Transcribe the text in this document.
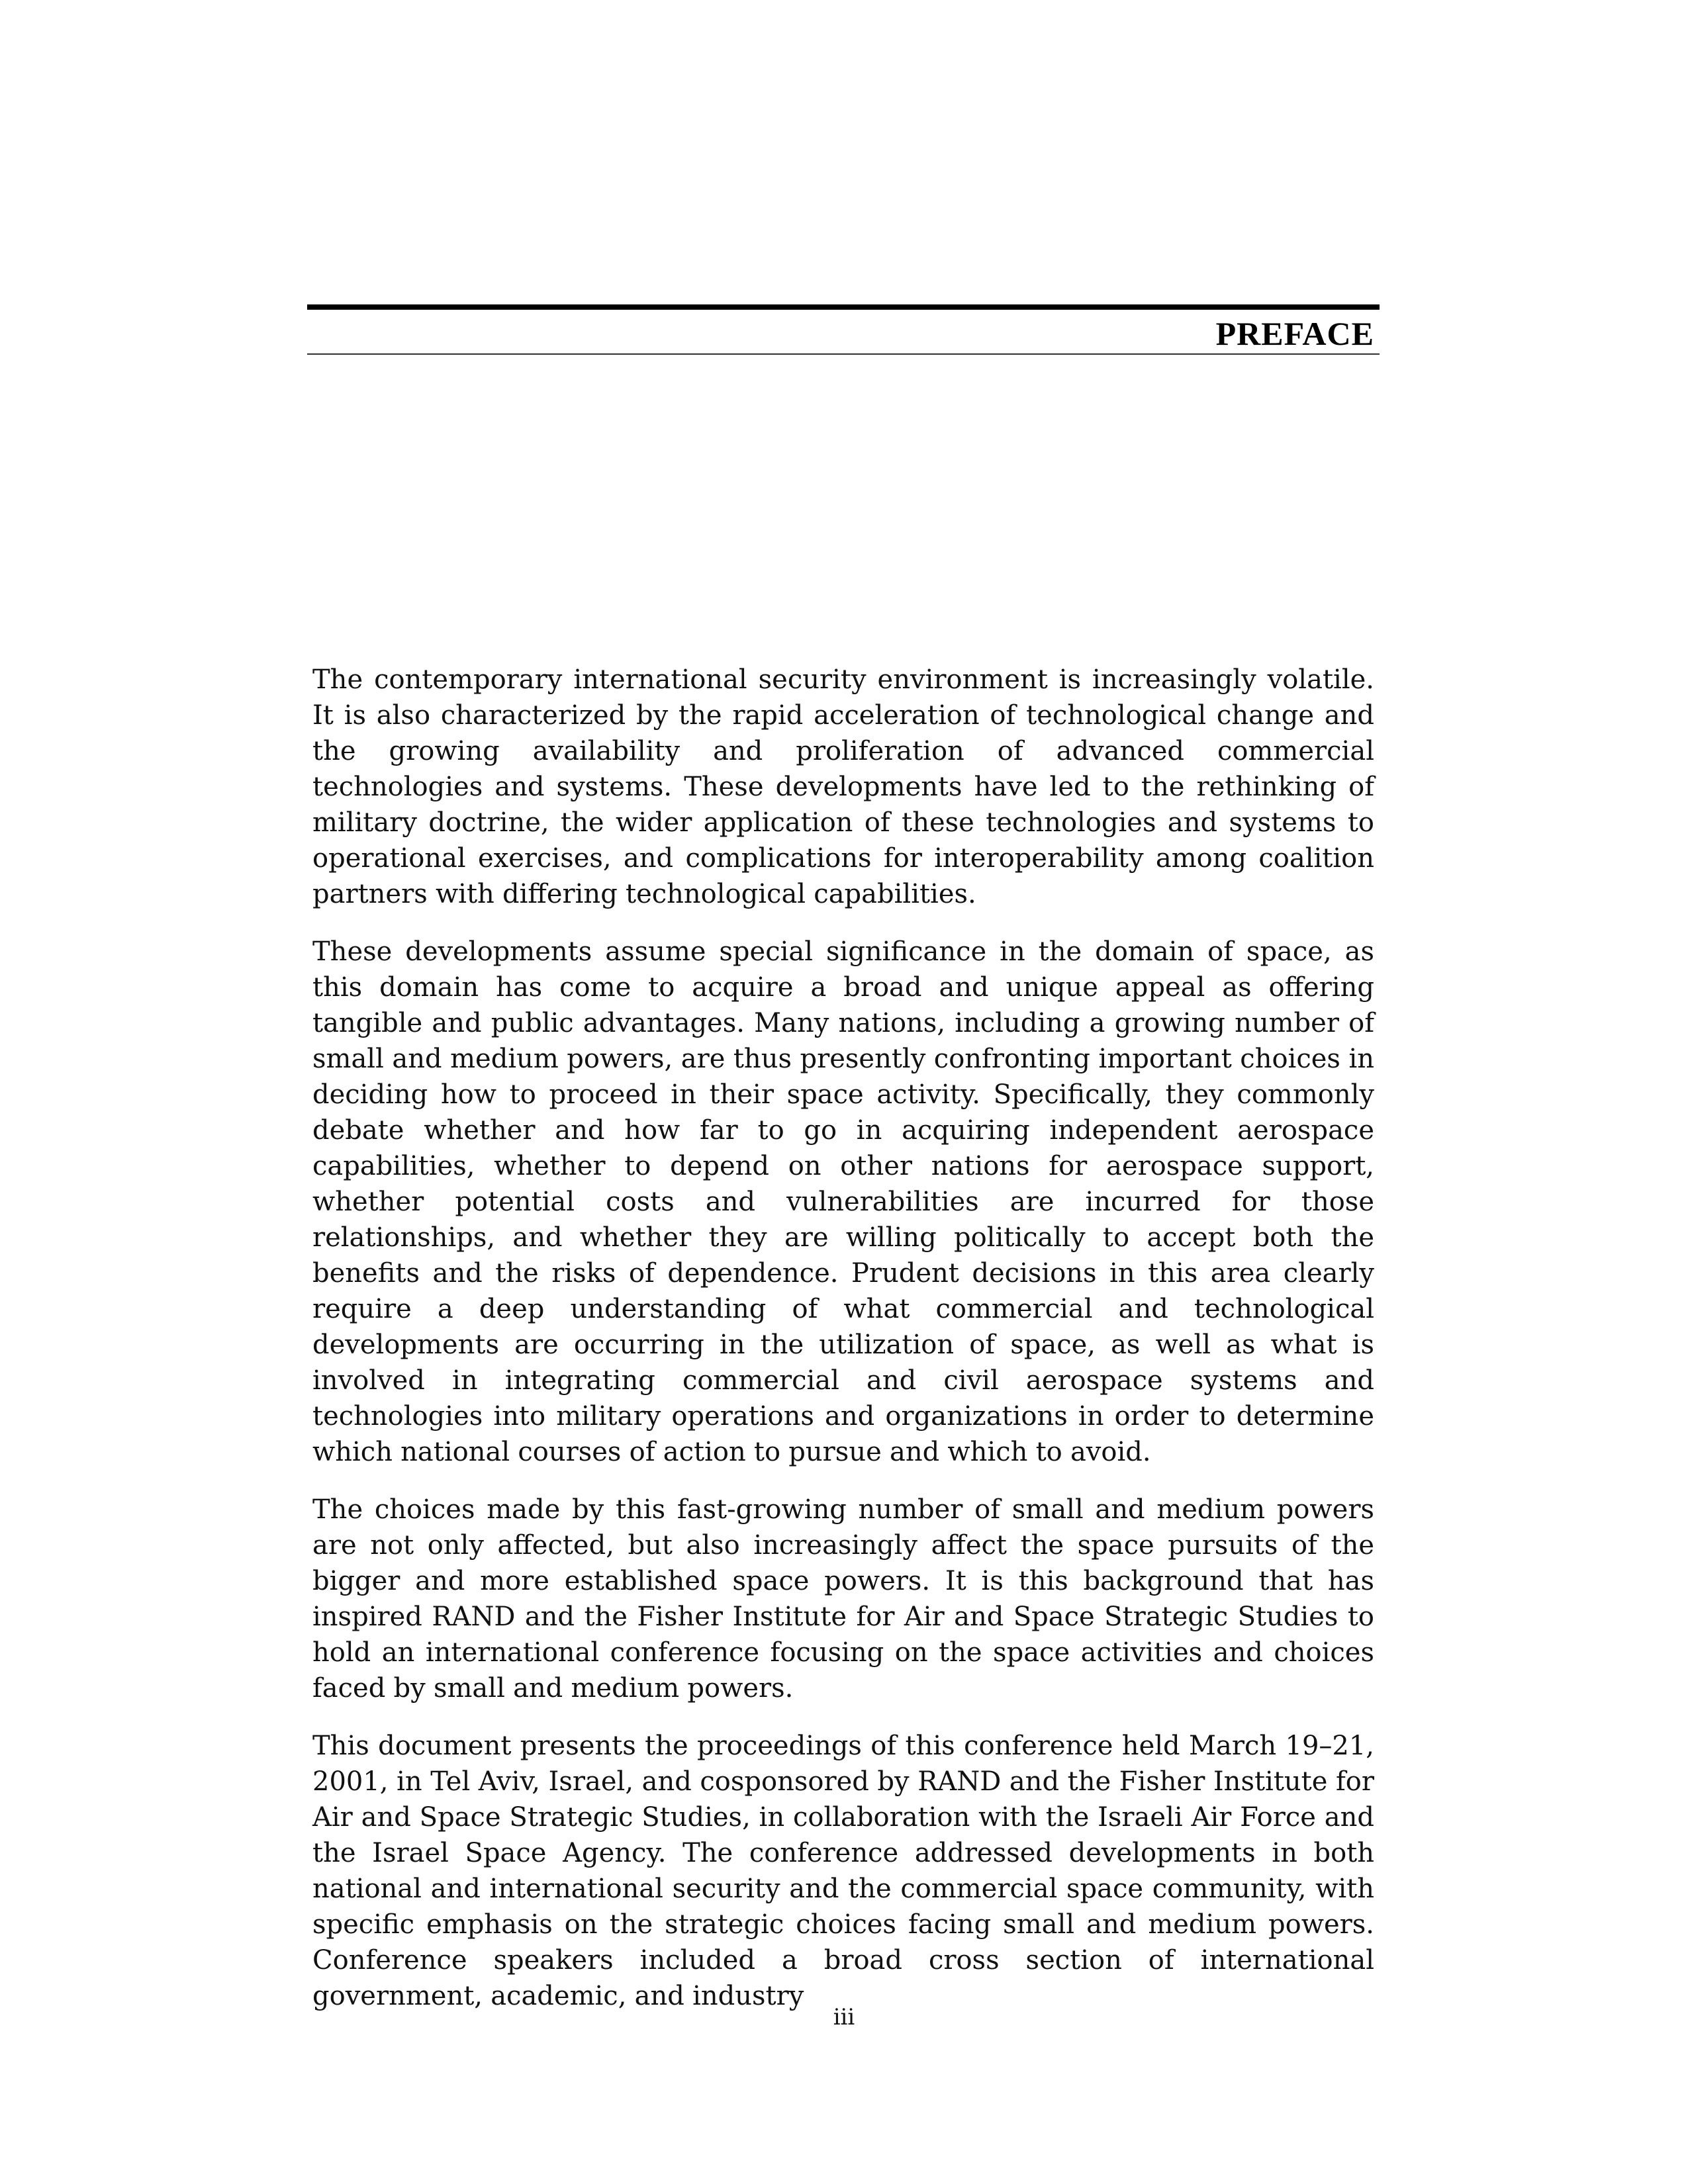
PREFACE

The contemporary international security environment is increasingly volatile. It is also characterized by the rapid acceleration of technological change and the growing availability and proliferation of advanced commercial technologies and systems. These developments have led to the rethinking of military doctrine, the wider application of these technologies and systems to operational exercises, and complications for interoperability among coalition partners with differing technological capabilities.

These developments assume special significance in the domain of space, as this domain has come to acquire a broad and unique appeal as offering tangible and public advantages. Many nations, including a growing number of small and medium powers, are thus presently confronting important choices in deciding how to proceed in their space activity. Specifically, they commonly debate whether and how far to go in acquiring independent aerospace capabilities, whether to depend on other nations for aerospace support, whether potential costs and vulnerabilities are incurred for those relationships, and whether they are willing politically to accept both the benefits and the risks of dependence. Prudent decisions in this area clearly require a deep understanding of what commercial and technological developments are occurring in the utilization of space, as well as what is involved in integrating commercial and civil aerospace systems and technologies into military operations and organizations in order to determine which national courses of action to pursue and which to avoid.

The choices made by this fast-growing number of small and medium powers are not only affected, but also increasingly affect the space pursuits of the bigger and more established space powers. It is this background that has inspired RAND and the Fisher Institute for Air and Space Strategic Studies to hold an international conference focusing on the space activities and choices faced by small and medium powers.

This document presents the proceedings of this conference held March 19–21, 2001, in Tel Aviv, Israel, and cosponsored by RAND and the Fisher Institute for Air and Space Strategic Studies, in collaboration with the Israeli Air Force and the Israel Space Agency. The conference addressed developments in both national and international security and the commercial space community, with specific emphasis on the strategic choices facing small and medium powers. Conference speakers included a broad cross section of international government, academic, and industry

iii
